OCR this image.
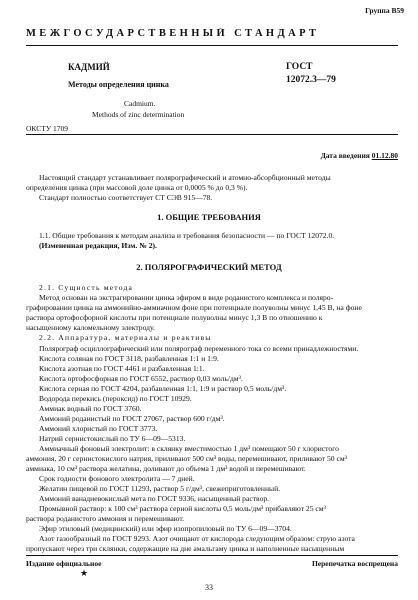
Группа В59
МЕЖГОСУДАРСТВЕННЫЙ СТАНДАРТ
КАДМИЙ
Методы определения цинка
Cadmium.
Methods of zinc determination
ГОСТ
12072.3—79
ОКСТУ 1709
Дата введения 01.12.80
Настоящий стандарт устанавливает полярографический и атомно-абсорбционный методы
определения цинка (при массовой доле цинка от 0,0005 % до 0,3 %).
Стандарт полностью соответствует СТ СЭВ 915—78.
1. ОБЩИЕ ТРЕБОВАНИЯ
1.1. Общие требования к методам анализа и требования безопасности — по ГОСТ 12072.0.
(Измененная редакция, Изм. № 2).
2. ПОЛЯРОГРАФИЧЕСКИЙ МЕТОД
2.1. Сущность метода
Метод основан на экстрагировании цинка эфиром в виде роданистого комплекса и поляро-
графировании цинка на аммонийно-аммиачном фоне при потенциале полуволны минус 1,45 В, на фоне
раствора ортофосфорной кислоты при потенциале полуволны минус 1,3 В по отношению к
насыщенному каломельному электроду.
2.2. Аппаратура, материалы и реактивы
Полярограф осциллографический или полярограф переменного тока со всеми принадлежностями.
Кислота соляная по ГОСТ 3118, разбавленная 1:1 и 1:9.
Кислота азотная по ГОСТ 4461 и разбавленная 1:1.
Кислота ортофосфорная по ГОСТ 6552, раствор 0,03 моль/дм³.
Кислота серная по ГОСТ 4204, разбавленная 1:1, 1:9 и раствор 0,5 моль/дм³.
Водорода перекись (пероксид) по ГОСТ 10929.
Аммиак водный по ГОСТ 3760.
Аммоний роданистый по ГОСТ 27067, раствор 600 г/дм³.
Аммоний хлористый по ГОСТ 3773.
Натрий сернистокислый по ТУ 6—09—5313.
Аммиачный фоновый электролит: в склянку вместимостью 1 дм³ помещают 50 г хлористого
аммония, 20 г сернистокислого натрия, приливают 500 см³ воды, перемешивают, приливают 50 см³
аммиака, 10 см³ раствора желатина, доливают до объема 1 дм³ водой и перемешивают.
Срок годности фонового электролита — 7 дней.
Желатин пищевой по ГОСТ 11293, раствор 5 г/дм³, свежеприготовленный.
Аммоний ванадиевокислый мета по ГОСТ 9336, насыщенный раствор.
Промывной раствор: к 100 см³ раствора серной кислоты 0,5 моль/дм³ прибавляют 25 см³
раствора роданистого аммония и перемешивают.
Эфир этиловый (медицинский) или эфир изопропиловый по ТУ 6—09—3704.
Азот газообразный по ГОСТ 9293. Азот очищают от кислорода следующим образом: струю азота
пропускают через три склянки, содержащие на дне амальгаму цинка и наполненные насыщенным
Издание официальное	Перепечатка воспрещена
★
33
